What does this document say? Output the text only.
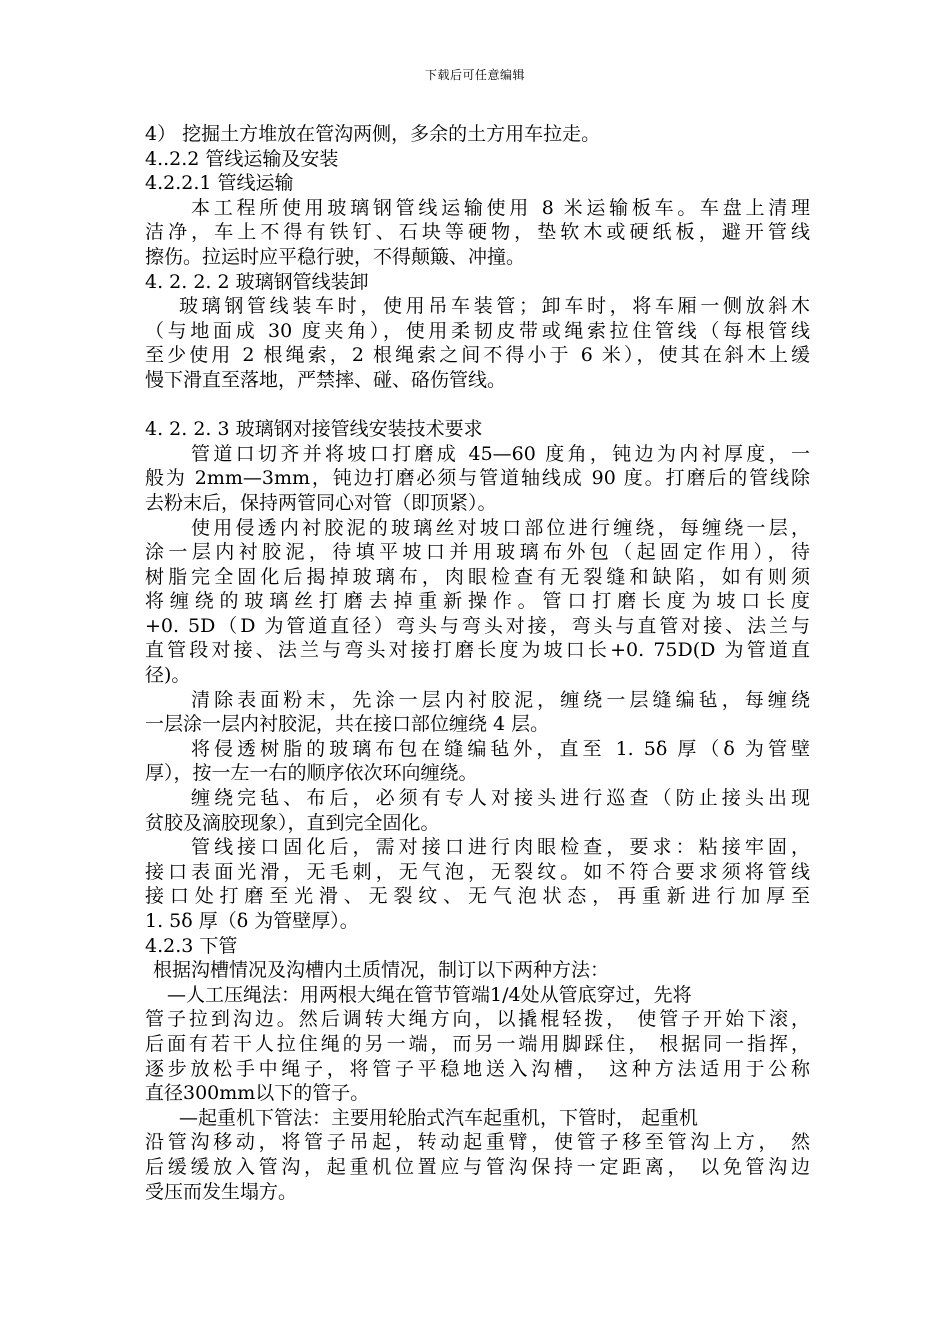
下载后可任意编辑
4） 挖掘土方堆放在管沟两侧，多余的土方用车拉走。
4..2.2 管线运输及安装
4.2.2.1 管线运输
本工程所使用玻璃钢管线运输使用 8 米运输板车。车盘上清理
洁净，车上不得有铁钉、石块等硬物，垫软木或硬纸板，避开管线
擦伤。拉运时应平稳行驶，不得颠簸、冲撞。
4. 2. 2. 2 玻璃钢管线装卸
玻璃钢管线装车时，使用吊车装管；卸车时，将车厢一侧放斜木
（与地面成 30 度夹角），使用柔韧皮带或绳索拉住管线（每根管线
至少使用 2 根绳索，2 根绳索之间不得小于 6 米），使其在斜木上缓
慢下滑直至落地，严禁摔、碰、硌伤管线。
4. 2. 2. 3 玻璃钢对接管线安装技术要求
管道口切齐并将坡口打磨成 45—60 度角，钝边为内衬厚度，一
般为 2mm—3mm，钝边打磨必须与管道轴线成 90 度。打磨后的管线除
去粉末后，保持两管同心对管（即顶紧）。
使用侵透内衬胶泥的玻璃丝对坡口部位进行缠绕，每缠绕一层，
涂一层内衬胶泥，待填平坡口并用玻璃布外包（起固定作用），待
树脂完全固化后揭掉玻璃布，肉眼检查有无裂缝和缺陷，如有则须
将缠绕的玻璃丝打磨去掉重新操作。管口打磨长度为坡口长度
+0. 5D（D 为管道直径）弯头与弯头对接，弯头与直管对接、法兰与
直管段对接、法兰与弯头对接打磨长度为坡口长+0. 75D(D 为管道直
径)。
清除表面粉末，先涂一层内衬胶泥，缠绕一层缝编毡，每缠绕
一层涂一层内衬胶泥，共在接口部位缠绕 4 层。
将侵透树脂的玻璃布包在缝编毡外，直至 1. 5δ 厚（δ 为管壁
厚），按一左一右的顺序依次环向缠绕。
缠绕完毡、布后，必须有专人对接头进行巡查（防止接头出现
贫胶及滴胶现象），直到完全固化。
管线接口固化后，需对接口进行肉眼检查，要求：粘接牢固，
接口表面光滑，无毛刺，无气泡，无裂纹。如不符合要求须将管线
接口处打磨至光滑、无裂纹、无气泡状态，再重新进行加厚至
1. 5δ 厚（δ 为管壁厚）。
4.2.3 下管
根据沟槽情况及沟槽内土质情况，制订以下两种方法：
—人工压绳法：用两根大绳在管节管端1/4处从管底穿过，先将
管子拉到沟边。然后调转大绳方向，以撬棍轻拨， 使管子开始下滚，
后面有若干人拉住绳的另一端，而另一端用脚踩住， 根据同一指挥，
逐步放松手中绳子，将管子平稳地送入沟槽， 这种方法适用于公称
直径300mm以下的管子。
—起重机下管法：主要用轮胎式汽车起重机，下管时， 起重机
沿管沟移动，将管子吊起，转动起重臂，使管子移至管沟上方， 然
后缓缓放入管沟，起重机位置应与管沟保持一定距离， 以免管沟边
受压而发生塌方。
